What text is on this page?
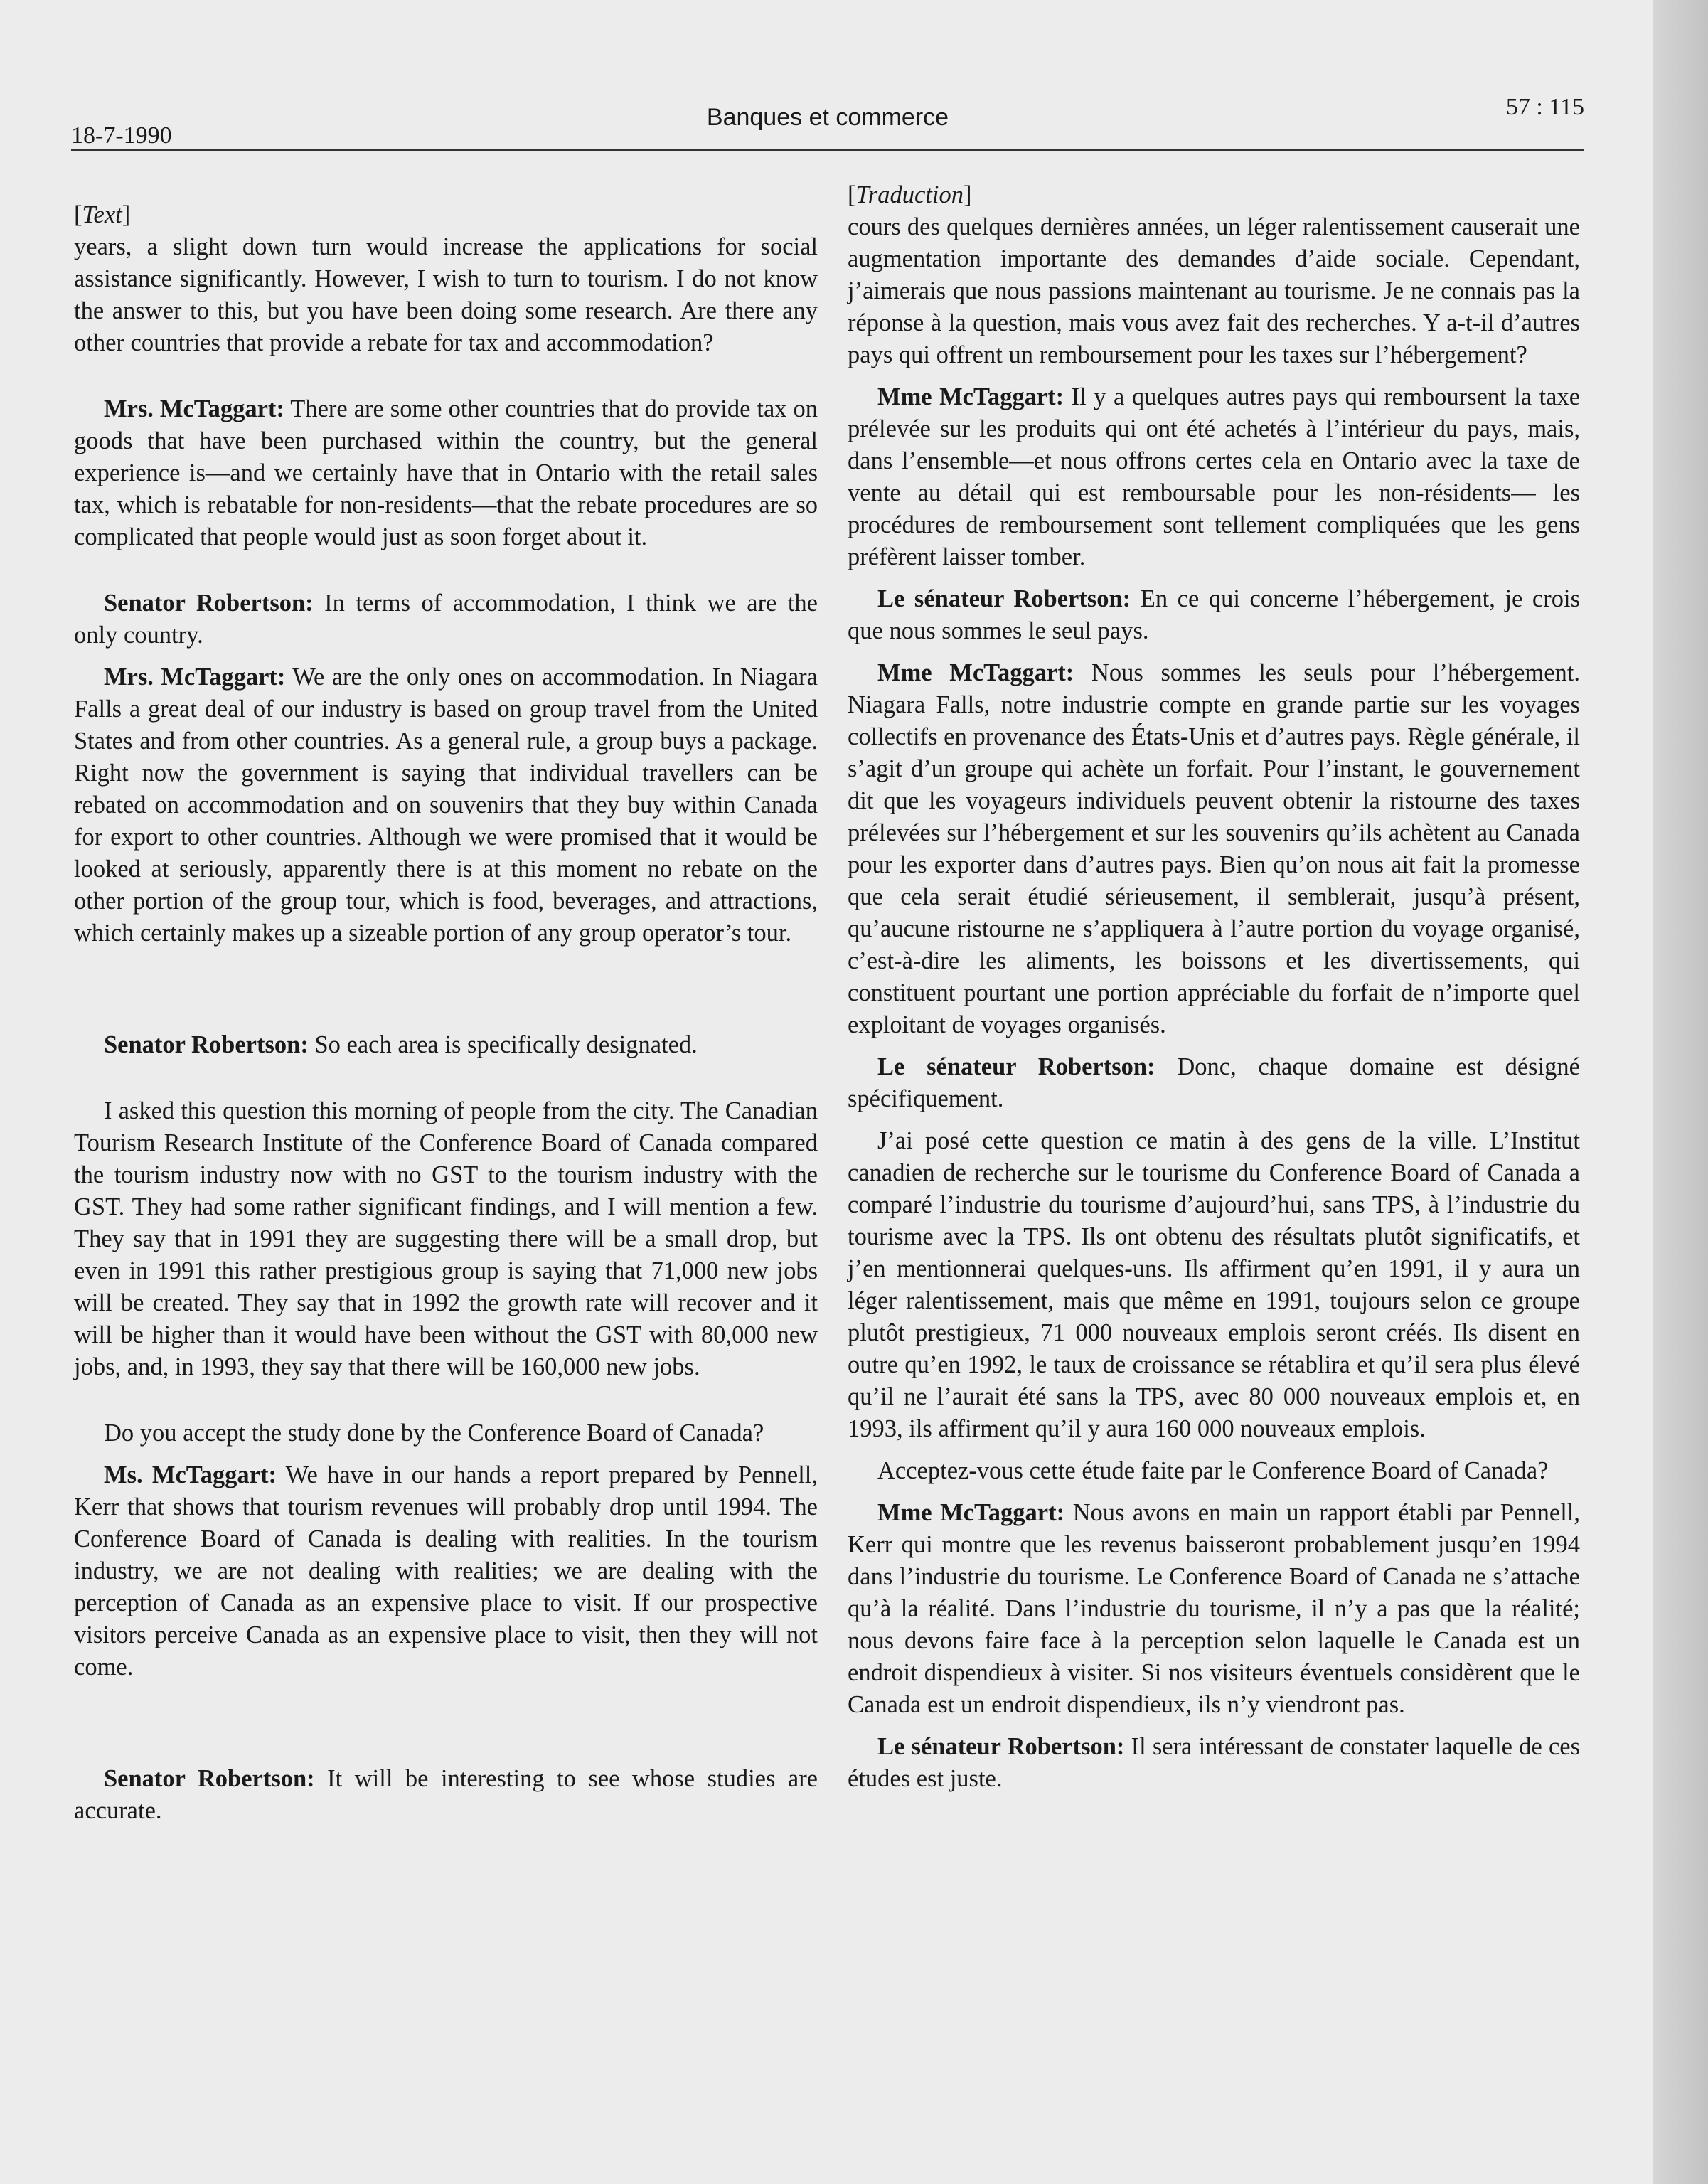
18-7-1990
Banques et commerce	57 : 115

[Text]

years, a slight down turn would increase the applications for social assistance significantly. However, I wish to turn to tourism. I do not know the answer to this, but you have been doing some research. Are there any other countries that provide a rebate for tax and accommodation?

Mrs. McTaggart: There are some other countries that do provide tax on goods that have been purchased within the country, but the general experience is—and we certainly have that in Ontario with the retail sales tax, which is rebatable for non-residents—that the rebate procedures are so complicated that people would just as soon forget about it.

Senator Robertson: In terms of accommodation, I think we are the only country.

Mrs. McTaggart: We are the only ones on accommodation. In Niagara Falls a great deal of our industry is based on group travel from the United States and from other countries. As a general rule, a group buys a package. Right now the government is saying that individual travellers can be rebated on accommodation and on souvenirs that they buy within Canada for export to other countries. Although we were promised that it would be looked at seriously, apparently there is at this moment no rebate on the other portion of the group tour, which is food, beverages, and attractions, which certainly makes up a sizeable portion of any group operator’s tour.

Senator Robertson: So each area is specifically designated.

I asked this question this morning of people from the city. The Canadian Tourism Research Institute of the Conference Board of Canada compared the tourism industry now with no GST to the tourism industry with the GST. They had some rather significant findings, and I will mention a few. They say that in 1991 they are suggesting there will be a small drop, but even in 1991 this rather prestigious group is saying that 71,000 new jobs will be created. They say that in 1992 the growth rate will recover and it will be higher than it would have been without the GST with 80,000 new jobs, and, in 1993, they say that there will be 160,000 new jobs.

Do you accept the study done by the Conference Board of Canada?

Ms. McTaggart: We have in our hands a report prepared by Pennell, Kerr that shows that tourism revenues will probably drop until 1994. The Conference Board of Canada is dealing with realities. In the tourism industry, we are not dealing with realities; we are dealing with the perception of Canada as an expensive place to visit. If our prospective visitors perceive Canada as an expensive place to visit, then they will not come.

Senator Robertson: It will be interesting to see whose studies are accurate.

[Traduction]

cours des quelques dernières années, un léger ralentissement causerait une augmentation importante des demandes d’aide sociale. Cependant, j’aimerais que nous passions maintenant au tourisme. Je ne connais pas la réponse à la question, mais vous avez fait des recherches. Y a-t-il d’autres pays qui offrent un remboursement pour les taxes sur l’hébergement?

Mme McTaggart: Il y a quelques autres pays qui remboursent la taxe prélevée sur les produits qui ont été achetés à l’intérieur du pays, mais, dans l’ensemble—et nous offrons certes cela en Ontario avec la taxe de vente au détail qui est remboursable pour les non-résidents— les procédures de remboursement sont tellement compliquées que les gens préfèrent laisser tomber.

Le sénateur Robertson: En ce qui concerne l’hébergement, je crois que nous sommes le seul pays.

Mme McTaggart: Nous sommes les seuls pour l’hébergement. Niagara Falls, notre industrie compte en grande partie sur les voyages collectifs en provenance des États-Unis et d’autres pays. Règle générale, il s’agit d’un groupe qui achète un forfait. Pour l’instant, le gouvernement dit que les voyageurs individuels peuvent obtenir la ristourne des taxes prélevées sur l’hébergement et sur les souvenirs qu’ils achètent au Canada pour les exporter dans d’autres pays. Bien qu’on nous ait fait la promesse que cela serait étudié sérieusement, il semblerait, jusqu’à présent, qu’aucune ristourne ne s’appliquera à l’autre portion du voyage organisé, c’est-à-dire les aliments, les boissons et les divertissements, qui constituent pourtant une portion appréciable du forfait de n’importe quel exploitant de voyages organisés.

Le sénateur Robertson: Donc, chaque domaine est désigné spécifiquement.

J’ai posé cette question ce matin à des gens de la ville. L’Institut canadien de recherche sur le tourisme du Conference Board of Canada a comparé l’industrie du tourisme d’aujourd’hui, sans TPS, à l’industrie du tourisme avec la TPS. Ils ont obtenu des résultats plutôt significatifs, et j’en mentionnerai quelques-uns. Ils affirment qu’en 1991, il y aura un léger ralentissement, mais que même en 1991, toujours selon ce groupe plutôt prestigieux, 71 000 nouveaux emplois seront créés. Ils disent en outre qu’en 1992, le taux de croissance se rétablira et qu’il sera plus élevé qu’il ne l’aurait été sans la TPS, avec 80 000 nouveaux emplois et, en 1993, ils affirment qu’il y aura 160 000 nouveaux emplois.

Acceptez-vous cette étude faite par le Conference Board of Canada?

Mme McTaggart: Nous avons en main un rapport établi par Pennell, Kerr qui montre que les revenus baisseront probablement jusqu’en 1994 dans l’industrie du tourisme. Le Conference Board of Canada ne s’attache qu’à la réalité. Dans l’industrie du tourisme, il n’y a pas que la réalité; nous devons faire face à la perception selon laquelle le Canada est un endroit dispendieux à visiter. Si nos visiteurs éventuels considèrent que le Canada est un endroit dispendieux, ils n’y viendront pas.

Le sénateur Robertson: Il sera intéressant de constater laquelle de ces études est juste.
